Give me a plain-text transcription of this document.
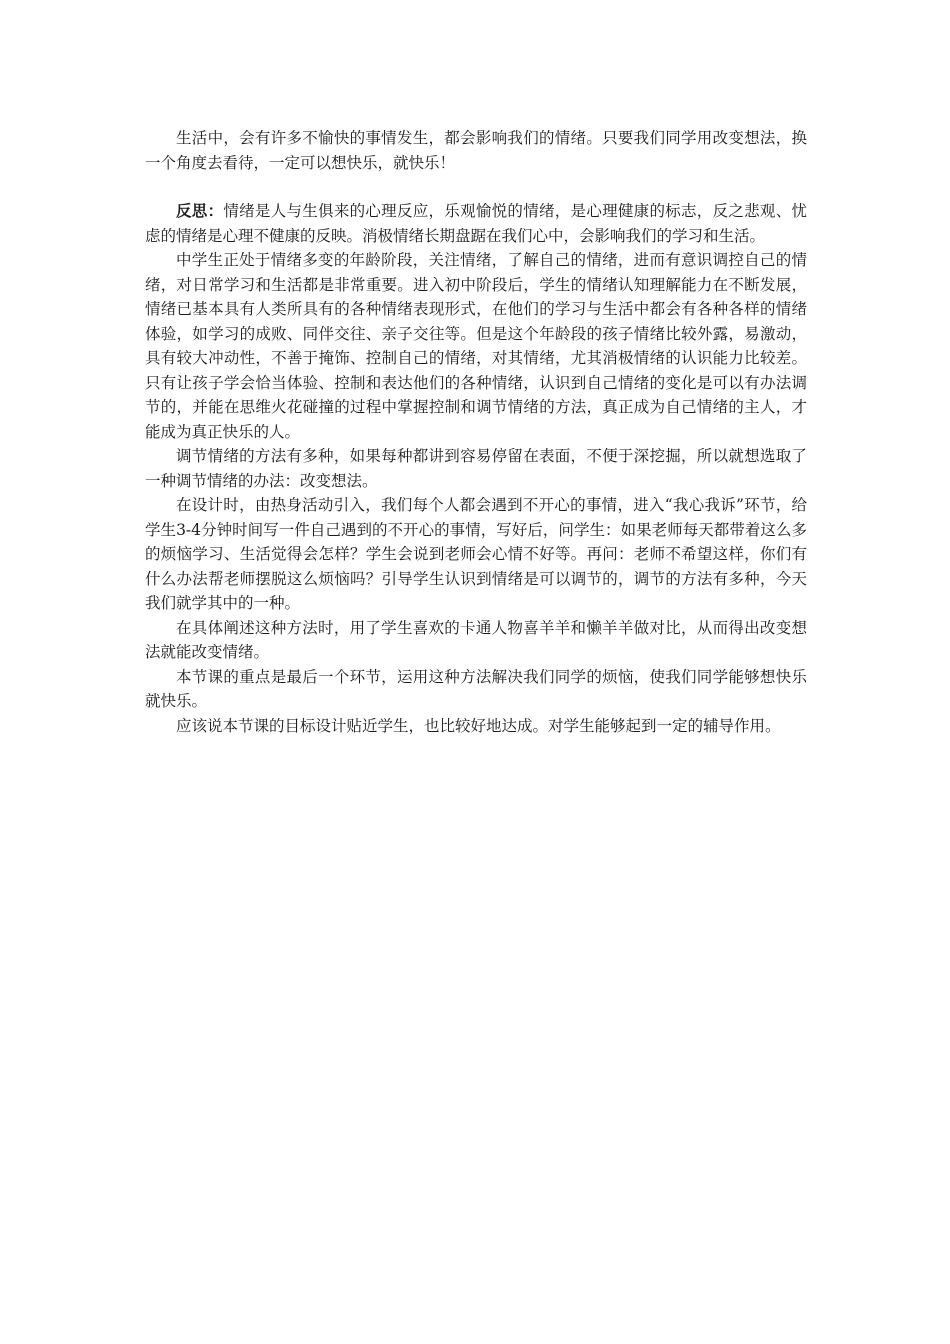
生活中，会有许多不愉快的事情发生，都会影响我们的情绪。只要我们同学用改变想法，换一个角度去看待，一定可以想快乐，就快乐！

反思：情绪是人与生俱来的心理反应，乐观愉悦的情绪，是心理健康的标志，反之悲观、忧虑的情绪是心理不健康的反映。消极情绪长期盘踞在我们心中，会影响我们的学习和生活。

中学生正处于情绪多变的年龄阶段，关注情绪，了解自己的情绪，进而有意识调控自己的情绪，对日常学习和生活都是非常重要。进入初中阶段后，学生的情绪认知理解能力在不断发展，情绪已基本具有人类所具有的各种情绪表现形式，在他们的学习与生活中都会有各种各样的情绪体验，如学习的成败、同伴交往、亲子交往等。但是这个年龄段的孩子情绪比较外露，易激动，具有较大冲动性，不善于掩饰、控制自己的情绪，对其情绪，尤其消极情绪的认识能力比较差。只有让孩子学会恰当体验、控制和表达他们的各种情绪，认识到自己情绪的变化是可以有办法调节的，并能在思维火花碰撞的过程中掌握控制和调节情绪的方法，真正成为自己情绪的主人，才能成为真正快乐的人。

调节情绪的方法有多种，如果每种都讲到容易停留在表面，不便于深挖掘，所以就想选取了一种调节情绪的办法：改变想法。

在设计时，由热身活动引入，我们每个人都会遇到不开心的事情，进入“我心我诉”环节，给学生3-4分钟时间写一件自己遇到的不开心的事情，写好后，问学生：如果老师每天都带着这么多的烦恼学习、生活觉得会怎样？学生会说到老师会心情不好等。再问：老师不希望这样，你们有什么办法帮老师摆脱这么烦恼吗？引导学生认识到情绪是可以调节的，调节的方法有多种，今天我们就学其中的一种。

在具体阐述这种方法时，用了学生喜欢的卡通人物喜羊羊和懒羊羊做对比，从而得出改变想法就能改变情绪。

本节课的重点是最后一个环节，运用这种方法解决我们同学的烦恼，使我们同学能够想快乐就快乐。

应该说本节课的目标设计贴近学生，也比较好地达成。对学生能够起到一定的辅导作用。
